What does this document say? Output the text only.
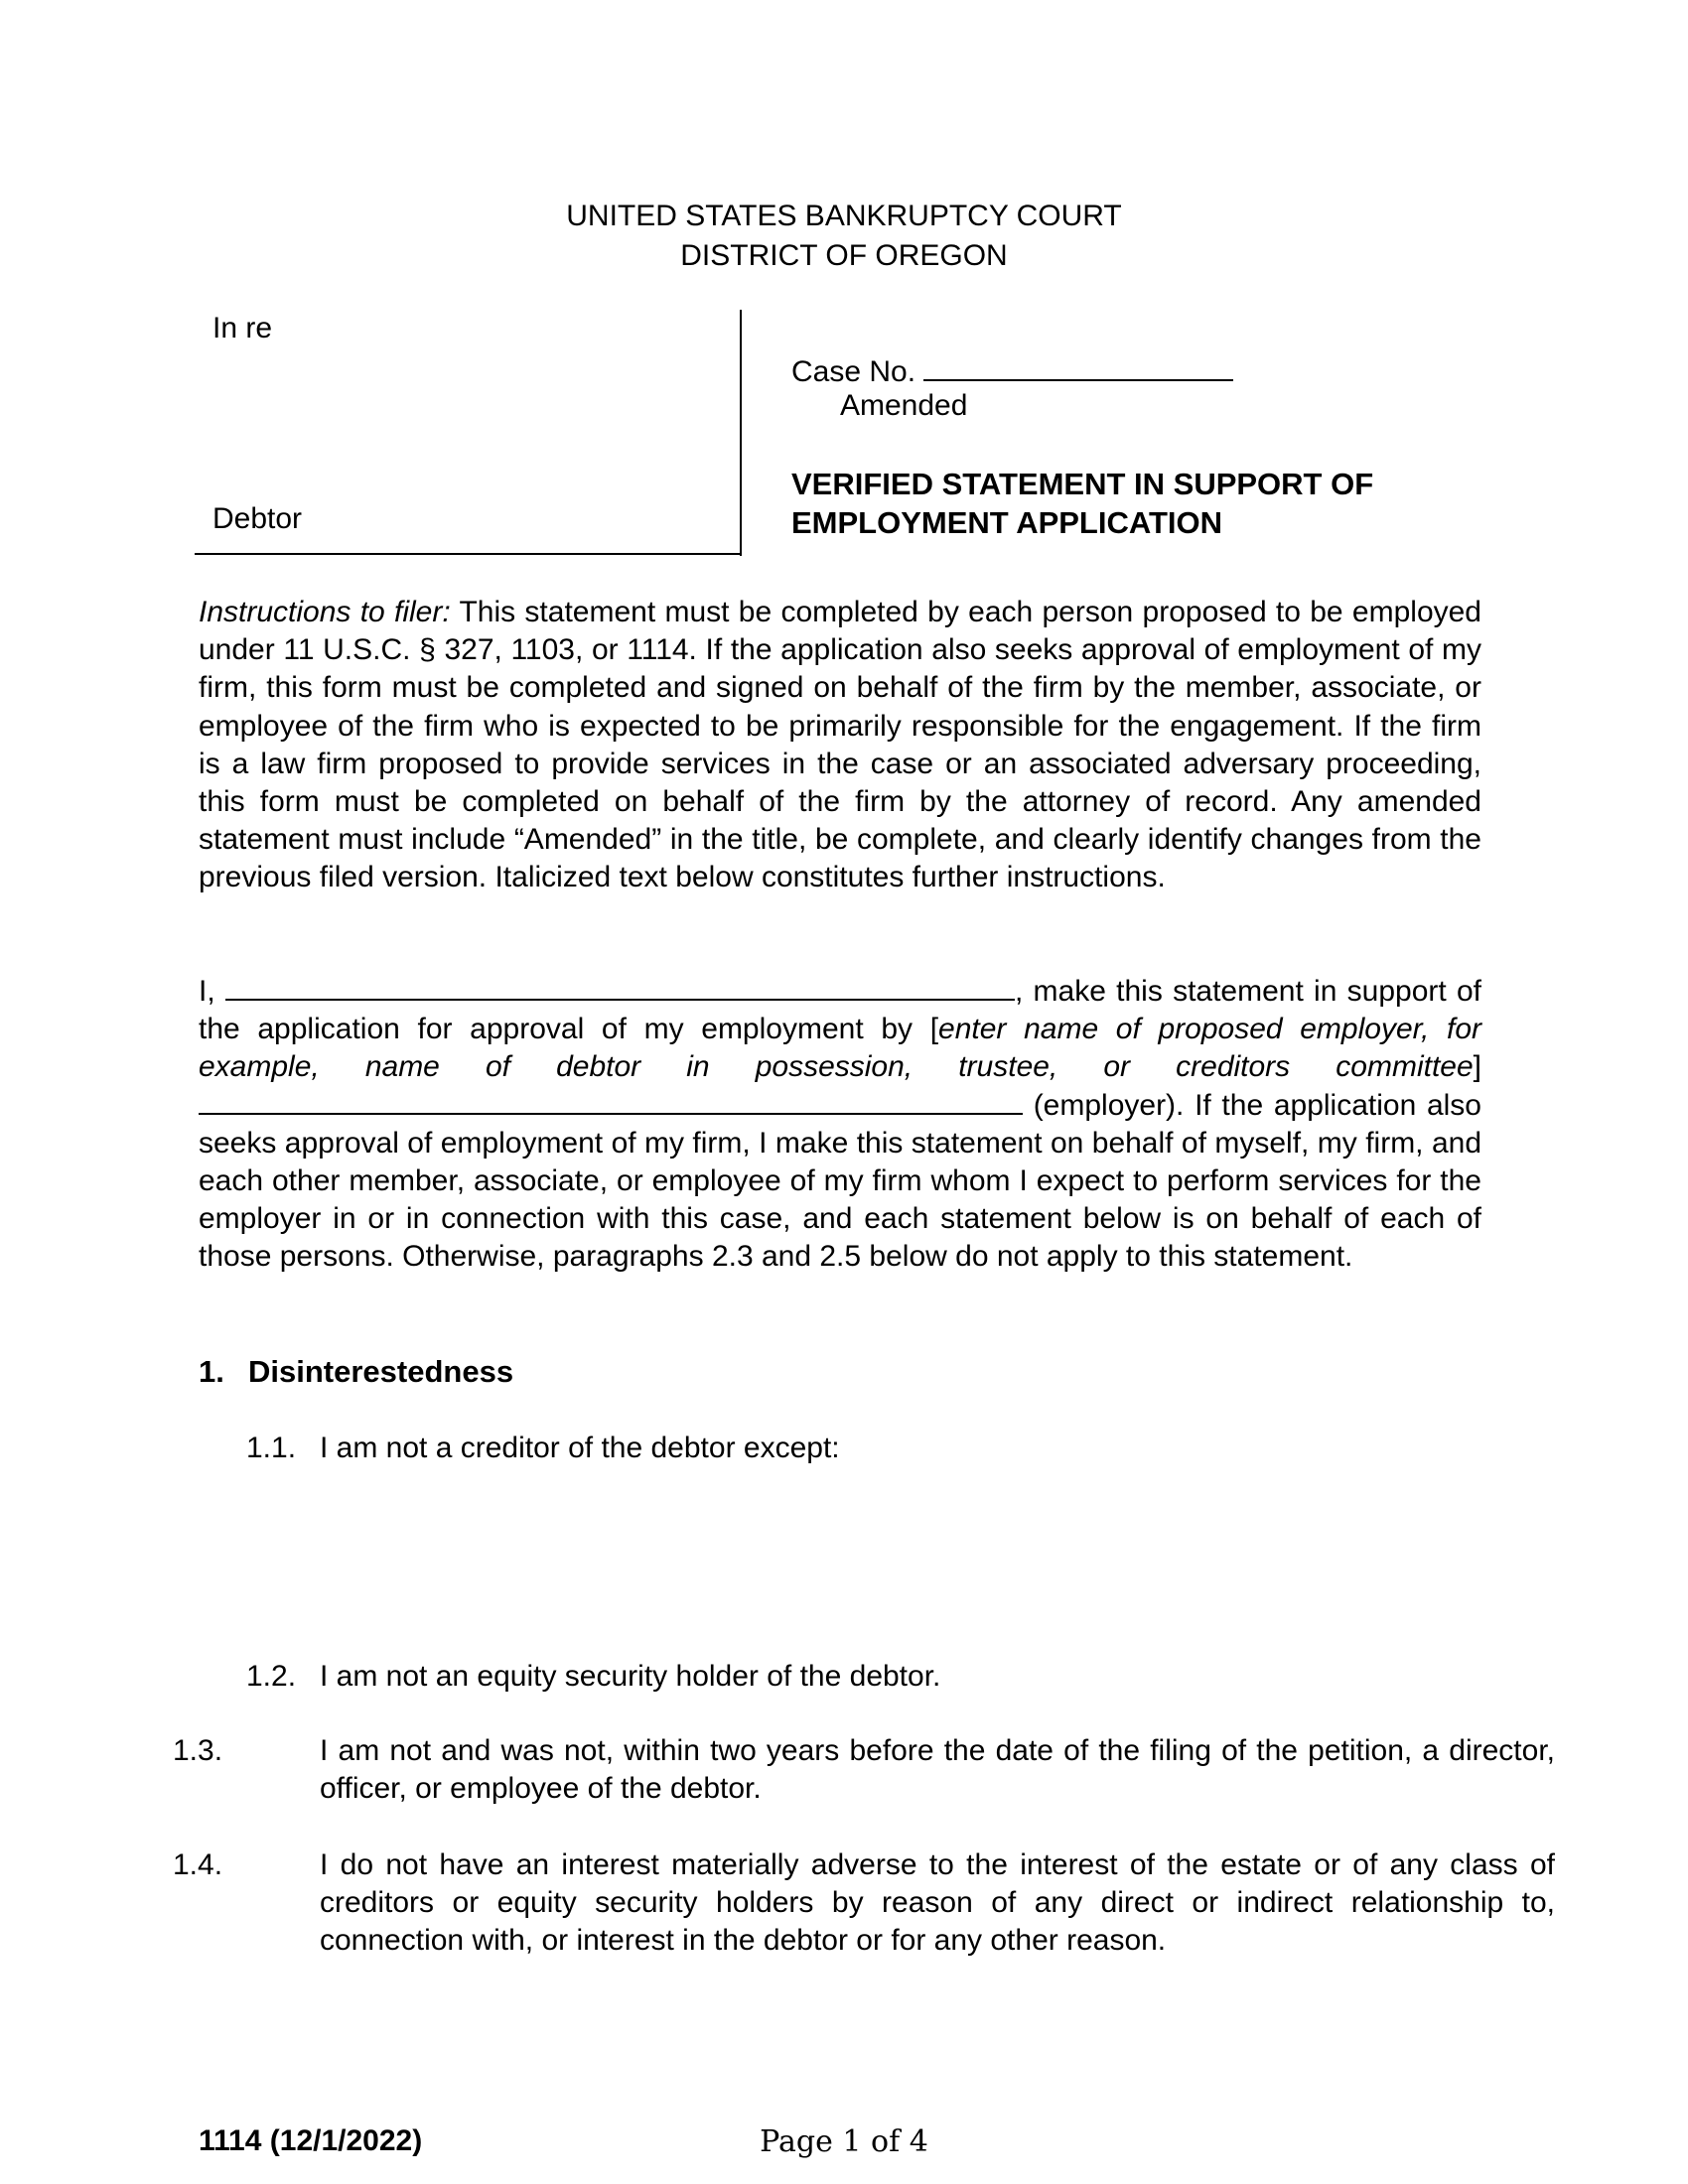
UNITED STATES BANKRUPTCY COURT
DISTRICT OF OREGON
In re
Debtor
Case No.
Amended
VERIFIED STATEMENT IN SUPPORT OF
EMPLOYMENT APPLICATION
Instructions to filer: This statement must be completed by each person proposed to be employed under 11 U.S.C. § 327, 1103, or 1114. If the application also seeks approval of employment of my firm, this form must be completed and signed on behalf of the firm by the member, associate, or employee of the firm who is expected to be primarily responsible for the engagement. If the firm is a law firm proposed to provide services in the case or an associated adversary proceeding, this form must be completed on behalf of the firm by the attorney of record. Any amended statement must include “Amended” in the title, be complete, and clearly identify changes from the previous filed version. Italicized text below constitutes further instructions.
I,	, make this statement in support of the application for approval of my employment by [enter name of proposed employer, for example, name of debtor in possession, trustee, or creditors committee]  (employer). If the application also seeks approval of employment of my firm, I make this statement on behalf of myself, my firm, and each other member, associate, or employee of my firm whom I expect to perform services for the employer in or in connection with this case, and each statement below is on behalf of each of those persons. Otherwise, paragraphs 2.3 and 2.5 below do not apply to this statement.
1. Disinterestedness
1.1. I am not a creditor of the debtor except:
1.2. I am not an equity security holder of the debtor.
1.3.	I am not and was not, within two years before the date of the filing of the petition, a director, officer, or employee of the debtor.
1.4.	I do not have an interest materially adverse to the interest of the estate or of any class of creditors or equity security holders by reason of any direct or indirect relationship to, connection with, or interest in the debtor or for any other reason.
1114 (12/1/2022)	Page 1 of 4
